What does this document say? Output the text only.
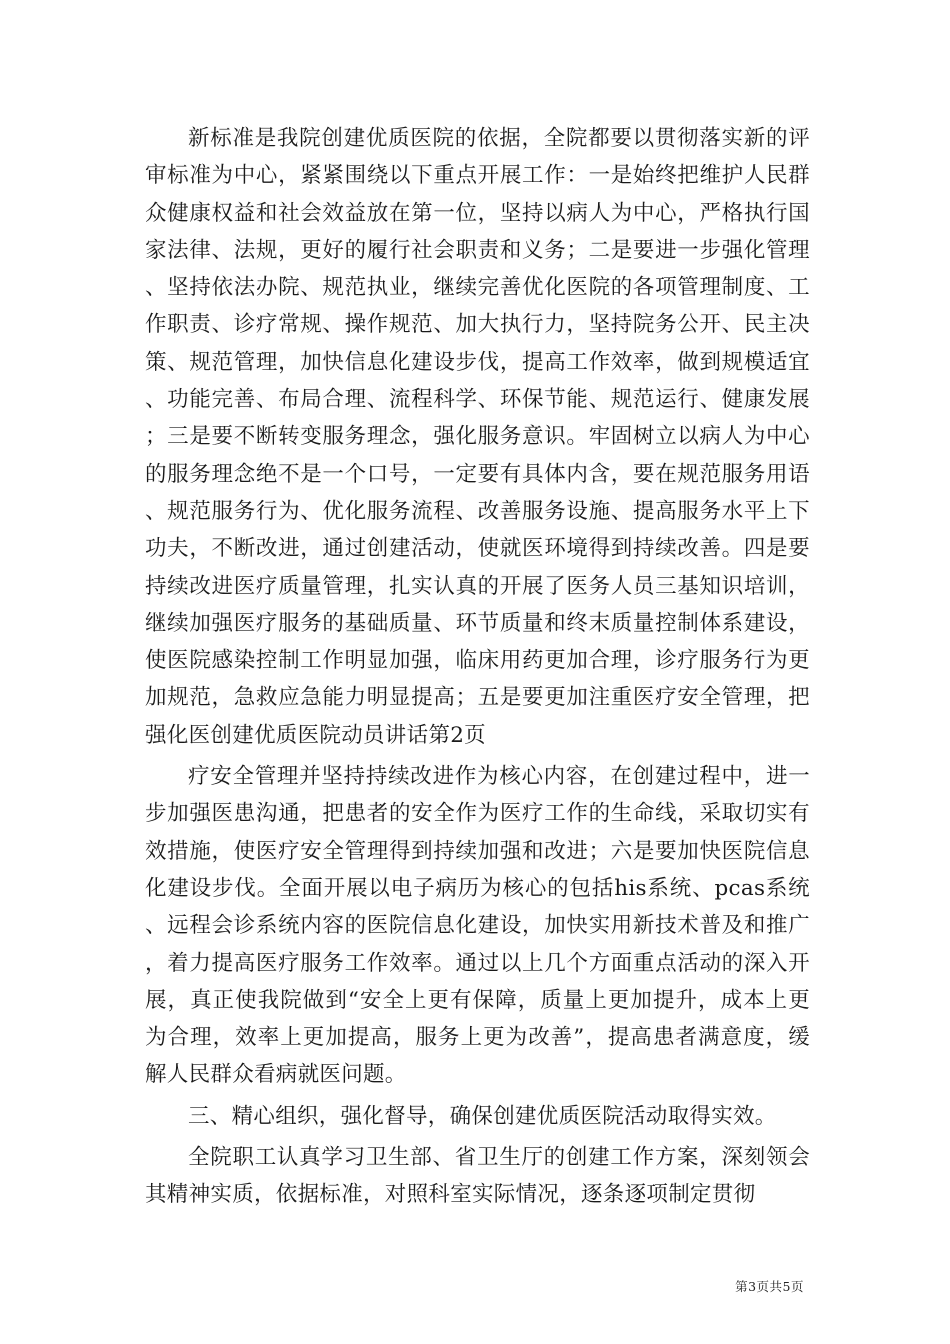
新标准是我院创建优质医院的依据，全院都要以贯彻落实新的评审标准为中心，紧紧围绕以下重点开展工作：一是始终把维护人民群众健康权益和社会效益放在第一位，坚持以病人为中心，严格执行国家法律、法规，更好的履行社会职责和义务；二是要进一步强化管理、坚持依法办院、规范执业，继续完善优化医院的各项管理制度、工作职责、诊疗常规、操作规范、加大执行力，坚持院务公开、民主决策、规范管理，加快信息化建设步伐，提高工作效率，做到规模适宜、功能完善、布局合理、流程科学、环保节能、规范运行、健康发展；三是要不断转变服务理念，强化服务意识。牢固树立以病人为中心的服务理念绝不是一个口号，一定要有具体内含，要在规范服务用语、规范服务行为、优化服务流程、改善服务设施、提高服务水平上下功夫，不断改进，通过创建活动，使就医环境得到持续改善。四是要持续改进医疗质量管理，扎实认真的开展了医务人员三基知识培训，继续加强医疗服务的基础质量、环节质量和终末质量控制体系建设，使医院感染控制工作明显加强，临床用药更加合理，诊疗服务行为更加规范，急救应急能力明显提高；五是要更加注重医疗安全管理，把强化医创建优质医院动员讲话第2页

疗安全管理并坚持持续改进作为核心内容，在创建过程中，进一步加强医患沟通，把患者的安全作为医疗工作的生命线，采取切实有效措施，使医疗安全管理得到持续加强和改进；六是要加快医院信息化建设步伐。全面开展以电子病历为核心的包括his系统、pcas系统、远程会诊系统内容的医院信息化建设，加快实用新技术普及和推广，着力提高医疗服务工作效率。通过以上几个方面重点活动的深入开展，真正使我院做到“安全上更有保障，质量上更加提升，成本上更为合理，效率上更加提高，服务上更为改善”，提高患者满意度，缓解人民群众看病就医问题。

三、精心组织，强化督导，确保创建优质医院活动取得实效。

全院职工认真学习卫生部、省卫生厅的创建工作方案，深刻领会其精神实质，依据标准，对照科室实际情况，逐条逐项制定贯彻

第3页共5页
